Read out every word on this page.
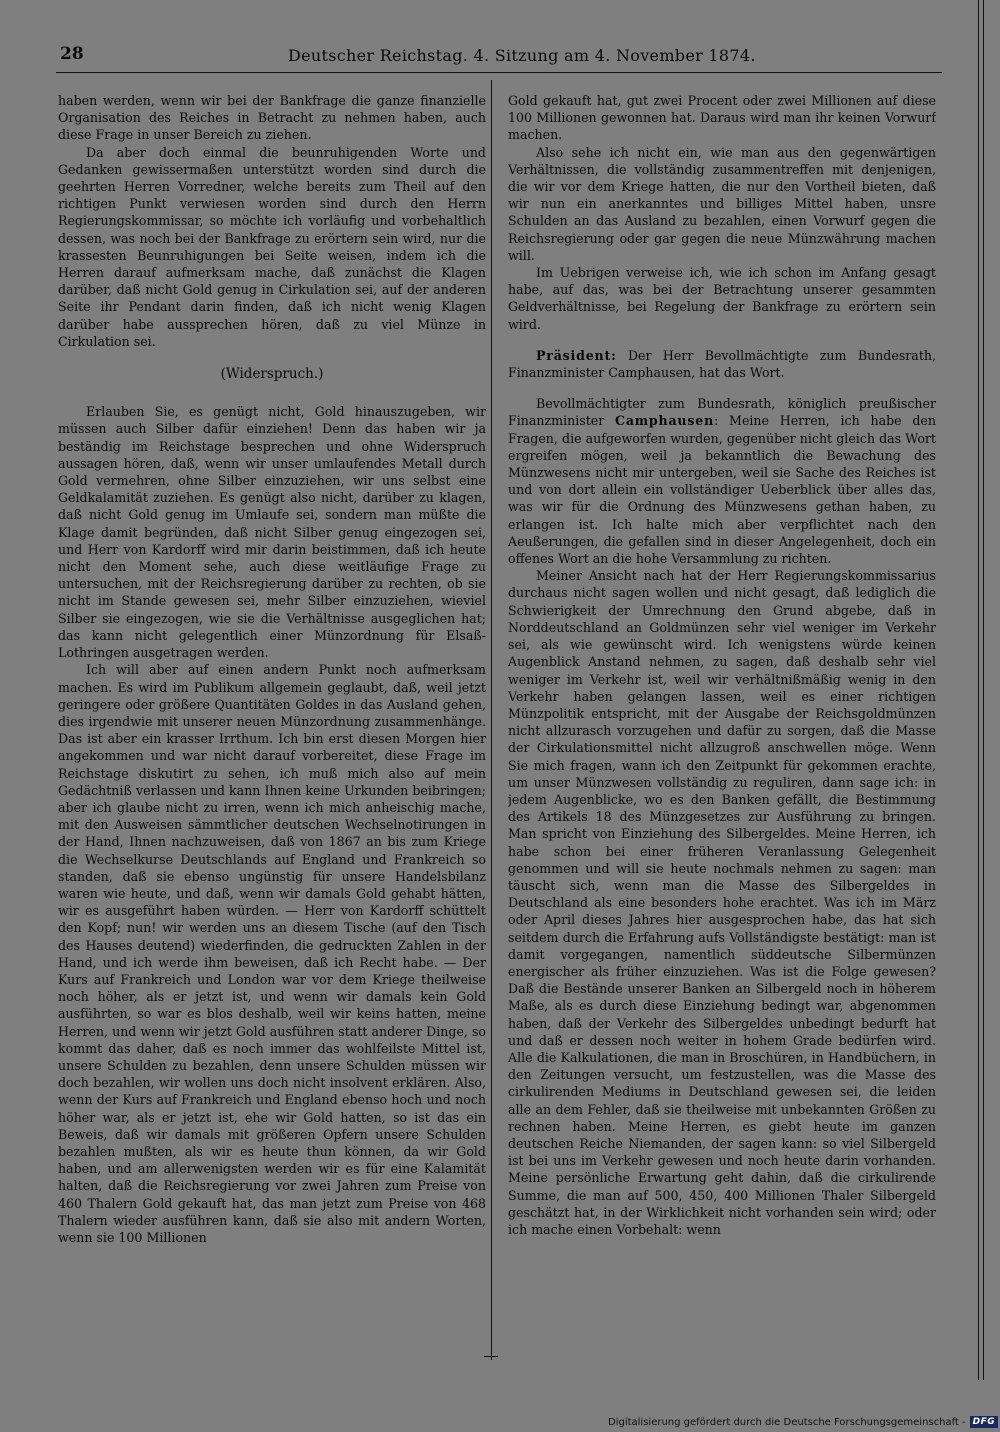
28	Deutscher Reichstag. 4. Sitzung am 4. November 1874.

haben werden, wenn wir bei der Bankfrage die ganze finanzielle Organisation des Reiches in Betracht zu nehmen haben, auch diese Frage in unser Bereich zu ziehen.

Da aber doch einmal die beunruhigenden Worte und Gedanken gewissermaßen unterstützt worden sind durch die geehrten Herren Vorredner, welche bereits zum Theil auf den richtigen Punkt verwiesen worden sind durch den Herrn Regierungskommissar, so möchte ich vorläufig und vorbehaltlich dessen, was noch bei der Bankfrage zu erörtern sein wird, nur die krassesten Beunruhigungen bei Seite weisen, indem ich die Herren darauf aufmerksam mache, daß zunächst die Klagen darüber, daß nicht Gold genug in Cirkulation sei, auf der anderen Seite ihr Pendant darin finden, daß ich nicht wenig Klagen darüber habe aussprechen hören, daß zu viel Münze in Cirkulation sei.

(Widerspruch.)

Erlauben Sie, es genügt nicht, Gold hinauszugeben, wir müssen auch Silber dafür einziehen! Denn das haben wir ja beständig im Reichstage besprechen und ohne Widerspruch aussagen hören, daß, wenn wir unser umlaufendes Metall durch Gold vermehren, ohne Silber einzuziehen, wir uns selbst eine Geldkalamität zuziehen. Es genügt also nicht, darüber zu klagen, daß nicht Gold genug im Umlaufe sei, sondern man müßte die Klage damit begründen, daß nicht Silber genug eingezogen sei, und Herr von Kardorff wird mir darin beistimmen, daß ich heute nicht den Moment sehe, auch diese weitläufige Frage zu untersuchen, mit der Reichsregierung darüber zu rechten, ob sie nicht im Stande gewesen sei, mehr Silber einzuziehen, wieviel Silber sie eingezogen, wie sie die Verhältnisse ausgeglichen hat; das kann nicht gelegentlich einer Münzordnung für Elsaß-Lothringen ausgetragen werden.

Ich will aber auf einen andern Punkt noch aufmerksam machen. Es wird im Publikum allgemein geglaubt, daß, weil jetzt geringere oder größere Quantitäten Goldes in das Ausland gehen, dies irgendwie mit unserer neuen Münzordnung zusammenhänge. Das ist aber ein krasser Irrthum. Ich bin erst diesen Morgen hier angekommen und war nicht darauf vorbereitet, diese Frage im Reichstage diskutirt zu sehen, ich muß mich also auf mein Gedächtniß verlassen und kann Ihnen keine Urkunden beibringen; aber ich glaube nicht zu irren, wenn ich mich anheischig mache, mit den Ausweisen sämmtlicher deutschen Wechselnotirungen in der Hand, Ihnen nachzuweisen, daß von 1867 an bis zum Kriege die Wechselkurse Deutschlands auf England und Frankreich so standen, daß sie ebenso ungünstig für unsere Handelsbilanz waren wie heute, und daß, wenn wir damals Gold gehabt hätten, wir es ausgeführt haben würden. — Herr von Kardorff schüttelt den Kopf; nun! wir werden uns an diesem Tische (auf den Tisch des Hauses deutend) wiederfinden, die gedruckten Zahlen in der Hand, und ich werde ihm beweisen, daß ich Recht habe. — Der Kurs auf Frankreich und London war vor dem Kriege theilweise noch höher, als er jetzt ist, und wenn wir damals kein Gold ausführten, so war es blos deshalb, weil wir keins hatten, meine Herren, und wenn wir jetzt Gold ausführen statt anderer Dinge, so kommt das daher, daß es noch immer das wohlfeilste Mittel ist, unsere Schulden zu bezahlen, denn unsere Schulden müssen wir doch bezahlen, wir wollen uns doch nicht insolvent erklären. Also, wenn der Kurs auf Frankreich und England ebenso hoch und noch höher war, als er jetzt ist, ehe wir Gold hatten, so ist das ein Beweis, daß wir damals mit größeren Opfern unsere Schulden bezahlen mußten, als wir es heute thun können, da wir Gold haben, und am allerwenigsten werden wir es für eine Kalamität halten, daß die Reichsregierung vor zwei Jahren zum Preise von 460 Thalern Gold gekauft hat, das man jetzt zum Preise von 468 Thalern wieder ausführen kann, daß sie also mit andern Worten, wenn sie 100 Millionen

Gold gekauft hat, gut zwei Procent oder zwei Millionen auf diese 100 Millionen gewonnen hat. Daraus wird man ihr keinen Vorwurf machen.

Also sehe ich nicht ein, wie man aus den gegenwärtigen Verhältnissen, die vollständig zusammentreffen mit denjenigen, die wir vor dem Kriege hatten, die nur den Vortheil bieten, daß wir nun ein anerkanntes und billiges Mittel haben, unsre Schulden an das Ausland zu bezahlen, einen Vorwurf gegen die Reichsregierung oder gar gegen die neue Münzwährung machen will.

Im Uebrigen verweise ich, wie ich schon im Anfang gesagt habe, auf das, was bei der Betrachtung unserer gesammten Geldverhältnisse, bei Regelung der Bankfrage zu erörtern sein wird.

Präsident: Der Herr Bevollmächtigte zum Bundesrath, Finanzminister Camphausen, hat das Wort.

Bevollmächtigter zum Bundesrath, königlich preußischer Finanzminister Camphausen: Meine Herren, ich habe den Fragen, die aufgeworfen wurden, gegenüber nicht gleich das Wort ergreifen mögen, weil ja bekanntlich die Bewachung des Münzwesens nicht mir untergeben, weil sie Sache des Reiches ist und von dort allein ein vollständiger Ueberblick über alles das, was wir für die Ordnung des Münzwesens gethan haben, zu erlangen ist. Ich halte mich aber verpflichtet nach den Aeußerungen, die gefallen sind in dieser Angelegenheit, doch ein offenes Wort an die hohe Versammlung zu richten.

Meiner Ansicht nach hat der Herr Regierungskommissarius durchaus nicht sagen wollen und nicht gesagt, daß lediglich die Schwierigkeit der Umrechnung den Grund abgebe, daß in Norddeutschland an Goldmünzen sehr viel weniger im Verkehr sei, als wie gewünscht wird. Ich wenigstens würde keinen Augenblick Anstand nehmen, zu sagen, daß deshalb sehr viel weniger im Verkehr ist, weil wir verhältnißmäßig wenig in den Verkehr haben gelangen lassen, weil es einer richtigen Münzpolitik entspricht, mit der Ausgabe der Reichsgoldmünzen nicht allzurasch vorzugehen und dafür zu sorgen, daß die Masse der Cirkulationsmittel nicht allzugroß anschwellen möge. Wenn Sie mich fragen, wann ich den Zeitpunkt für gekommen erachte, um unser Münzwesen vollständig zu reguliren, dann sage ich: in jedem Augenblicke, wo es den Banken gefällt, die Bestimmung des Artikels 18 des Münzgesetzes zur Ausführung zu bringen. Man spricht von Einziehung des Silbergeldes. Meine Herren, ich habe schon bei einer früheren Veranlassung Gelegenheit genommen und will sie heute nochmals nehmen zu sagen: man täuscht sich, wenn man die Masse des Silbergeldes in Deutschland als eine besonders hohe erachtet. Was ich im März oder April dieses Jahres hier ausgesprochen habe, das hat sich seitdem durch die Erfahrung aufs Vollständigste bestätigt: man ist damit vorgegangen, namentlich süddeutsche Silbermünzen energischer als früher einzuziehen. Was ist die Folge gewesen? Daß die Bestände unserer Banken an Silbergeld noch in höherem Maße, als es durch diese Einziehung bedingt war, abgenommen haben, daß der Verkehr des Silbergeldes unbedingt bedurft hat und daß er dessen noch weiter in hohem Grade bedürfen wird. Alle die Kalkulationen, die man in Broschüren, in Handbüchern, in den Zeitungen versucht, um festzustellen, was die Masse des cirkulirenden Mediums in Deutschland gewesen sei, die leiden alle an dem Fehler, daß sie theilweise mit unbekannten Größen zu rechnen haben. Meine Herren, es giebt heute im ganzen deutschen Reiche Niemanden, der sagen kann: so viel Silbergeld ist bei uns im Verkehr gewesen und noch heute darin vorhanden. Meine persönliche Erwartung geht dahin, daß die cirkulirende Summe, die man auf 500, 450, 400 Millionen Thaler Silbergeld geschätzt hat, in der Wirklichkeit nicht vorhanden sein wird; oder ich mache einen Vorbehalt: wenn

Digitalisierung gefördert durch die Deutsche Forschungsgemeinschaft - DFG
